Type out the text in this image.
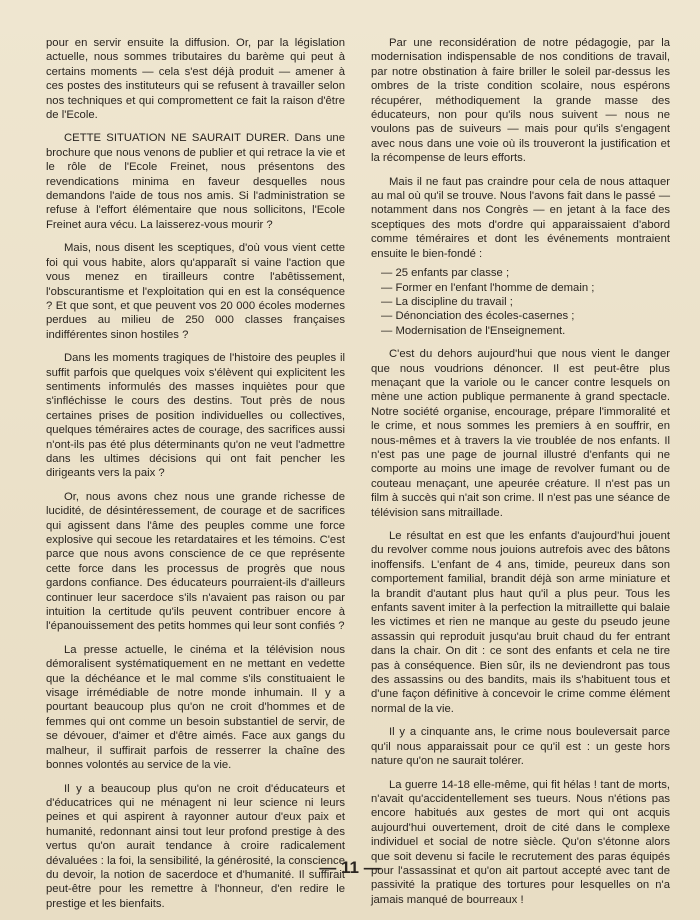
pour en servir ensuite la diffusion. Or, par la législation actuelle, nous sommes tributaires du barème qui peut à certains moments — cela s'est déjà produit — amener à ces postes des instituteurs qui se refusent à travailler selon nos techniques et qui compromettent ce fait la raison d'être de l'Ecole.

CETTE SITUATION NE SAURAIT DURER. Dans une brochure que nous venons de publier et qui retrace la vie et le rôle de l'Ecole Freinet, nous présentons des revendications minima en faveur desquelles nous demandons l'aide de tous nos amis. Si l'administration se refuse à l'effort élémentaire que nous sollicitons, l'Ecole Freinet aura vécu. La laisserez-vous mourir ?

Mais, nous disent les sceptiques, d'où vous vient cette foi qui vous habite, alors qu'apparaît si vaine l'action que vous menez en tirailleurs contre l'abêtissement, l'obscurantisme et l'exploitation qui en est la conséquence ? Et que sont, et que peuvent vos 20 000 écoles modernes perdues au milieu de 250 000 classes françaises indifférentes sinon hostiles ?

Dans les moments tragiques de l'histoire des peuples il suffit parfois que quelques voix s'élèvent qui explicitent les sentiments informulés des masses inquiètes pour que s'infléchisse le cours des destins. Tout près de nous certaines prises de position individuelles ou collectives, quelques téméraires actes de courage, des sacrifices aussi n'ont-ils pas été plus déterminants qu'on ne veut l'admettre dans les ultimes décisions qui ont fait pencher les dirigeants vers la paix ?

Or, nous avons chez nous une grande richesse de lucidité, de désintéressement, de courage et de sacrifices qui agissent dans l'âme des peuples comme une force explosive qui secoue les retardataires et les témoins. C'est parce que nous avons conscience de ce que représente cette force dans les processus de progrès que nous gardons confiance. Des éducateurs pourraient-ils d'ailleurs continuer leur sacerdoce s'ils n'avaient pas raison ou par intuition la certitude qu'ils peuvent contribuer encore à l'épanouissement des petits hommes qui leur sont confiés ?

La presse actuelle, le cinéma et la télévision nous démoralisent systématiquement en ne mettant en vedette que la déchéance et le mal comme s'ils constituaient le visage irrémédiable de notre monde inhumain. Il y a pourtant beaucoup plus qu'on ne croit d'hommes et de femmes qui ont comme un besoin substantiel de servir, de se dévouer, d'aimer et d'être aimés. Face aux gangs du malheur, il suffirait parfois de resserrer la chaîne des bonnes volontés au service de la vie.

Il y a beaucoup plus qu'on ne croit d'éducateurs et d'éducatrices qui ne ménagent ni leur science ni leurs peines et qui aspirent à rayonner autour d'eux paix et humanité, redonnant ainsi tout leur profond prestige à des vertus qu'on aurait tendance à croire radicalement dévaluées : la foi, la sensibilité, la générosité, la conscience du devoir, la notion de sacerdoce et d'humanité. Il suffirait peut-être pour les remettre à l'honneur, d'en redire le prestige et les bienfaits.

Par une reconsidération de notre pédagogie, par la modernisation indispensable de nos conditions de travail, par notre obstination à faire briller le soleil par-dessus les ombres de la triste condition scolaire, nous espérons récupérer, méthodiquement la grande masse des éducateurs, non pour qu'ils nous suivent — nous ne voulons pas de suiveurs — mais pour qu'ils s'engagent avec nous dans une voie où ils trouveront la justification et la récompense de leurs efforts.

Mais il ne faut pas craindre pour cela de nous attaquer au mal où qu'il se trouve. Nous l'avons fait dans le passé — notamment dans nos Congrès — en jetant à la face des sceptiques des mots d'ordre qui apparaissaient d'abord comme téméraires et dont les événements montraient ensuite le bien-fondé :

— 25 enfants par classe ;
— Former en l'enfant l'homme de demain ;
— La discipline du travail ;
— Dénonciation des écoles-casernes ;
— Modernisation de l'Enseignement.

C'est du dehors aujourd'hui que nous vient le danger que nous voudrions dénoncer. Il est peut-être plus menaçant que la variole ou le cancer contre lesquels on mène une action publique permanente à grand spectacle. Notre société organise, encourage, prépare l'immoralité et le crime, et nous sommes les premiers à en souffrir, en nous-mêmes et à travers la vie troublée de nos enfants. Il n'est pas une page de journal illustré d'enfants qui ne comporte au moins une image de revolver fumant ou de couteau menaçant, une apeurée créature. Il n'est pas un film à succès qui n'ait son crime. Il n'est pas une séance de télévision sans mitraillade.

Le résultat en est que les enfants d'aujourd'hui jouent du revolver comme nous jouions autrefois avec des bâtons inoffensifs. L'enfant de 4 ans, timide, peureux dans son comportement familial, brandit déjà son arme miniature et la brandit d'autant plus haut qu'il a plus peur. Tous les enfants savent imiter à la perfection la mitraillette qui balaie les victimes et rien ne manque au geste du pseudo jeune assassin qui reproduit jusqu'au bruit chaud du fer entrant dans la chair. On dit : ce sont des enfants et cela ne tire pas à conséquence. Bien sûr, ils ne deviendront pas tous des assassins ou des bandits, mais ils s'habituent tous et d'une façon définitive à concevoir le crime comme élément normal de la vie.

Il y a cinquante ans, le crime nous bouleversait parce qu'il nous apparaissait pour ce qu'il est : un geste hors nature qu'on ne saurait tolérer.

La guerre 14-18 elle-même, qui fit hélas ! tant de morts, n'avait qu'accidentellement ses tueurs. Nous n'étions pas encore habitués aux gestes de mort qui ont acquis aujourd'hui ouvertement, droit de cité dans le complexe individuel et social de notre siècle. Qu'on s'étonne alors que soit devenu si facile le recrutement des paras équipés pour l'assassinat et qu'on ait partout accepté avec tant de passivité la pratique des tortures pour lesquelles on n'a jamais manqué de bourreaux !

— 11 —
